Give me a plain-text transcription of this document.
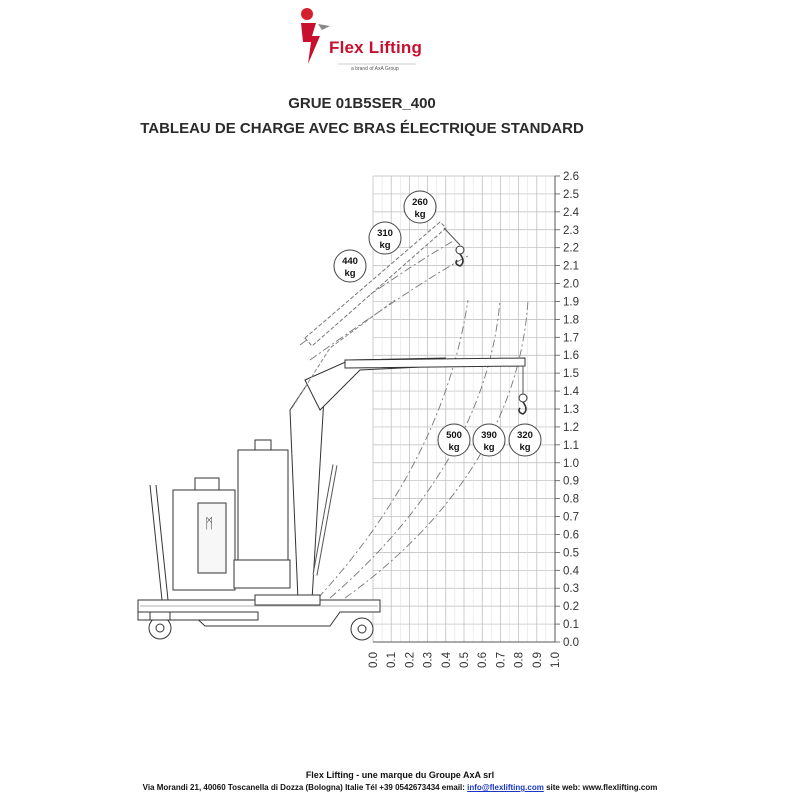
Flex Lifting
a brand of AxA Group
GRUE 01B5SER_400
TABLEAU DE CHARGE AVEC BRAS ÉLECTRIQUE STANDARD
0.0
0.1
0.2
0.3
0.4
0.5
0.6
0.7
0.8
0.9
1.0
1.1
1.2
1.3
1.4
1.5
1.6
1.7
1.8
1.9
2.0
2.1
2.2
2.3
2.4
2.5
2.6
0.0 0.1 0.2 0.3 0.4 0.5 0.6 0.7 0.8 0.9 1.0
ᛗ
440
kg
310
kg
260
kg
500
kg
390
kg
320
kg
Flex Lifting - une marque du Groupe AxA srl
Via Morandi 21, 40060 Toscanella di Dozza (Bologna) Italie Tél +39 0542673434 email: info@flexlifting.com site web: www.flexlifting.com
